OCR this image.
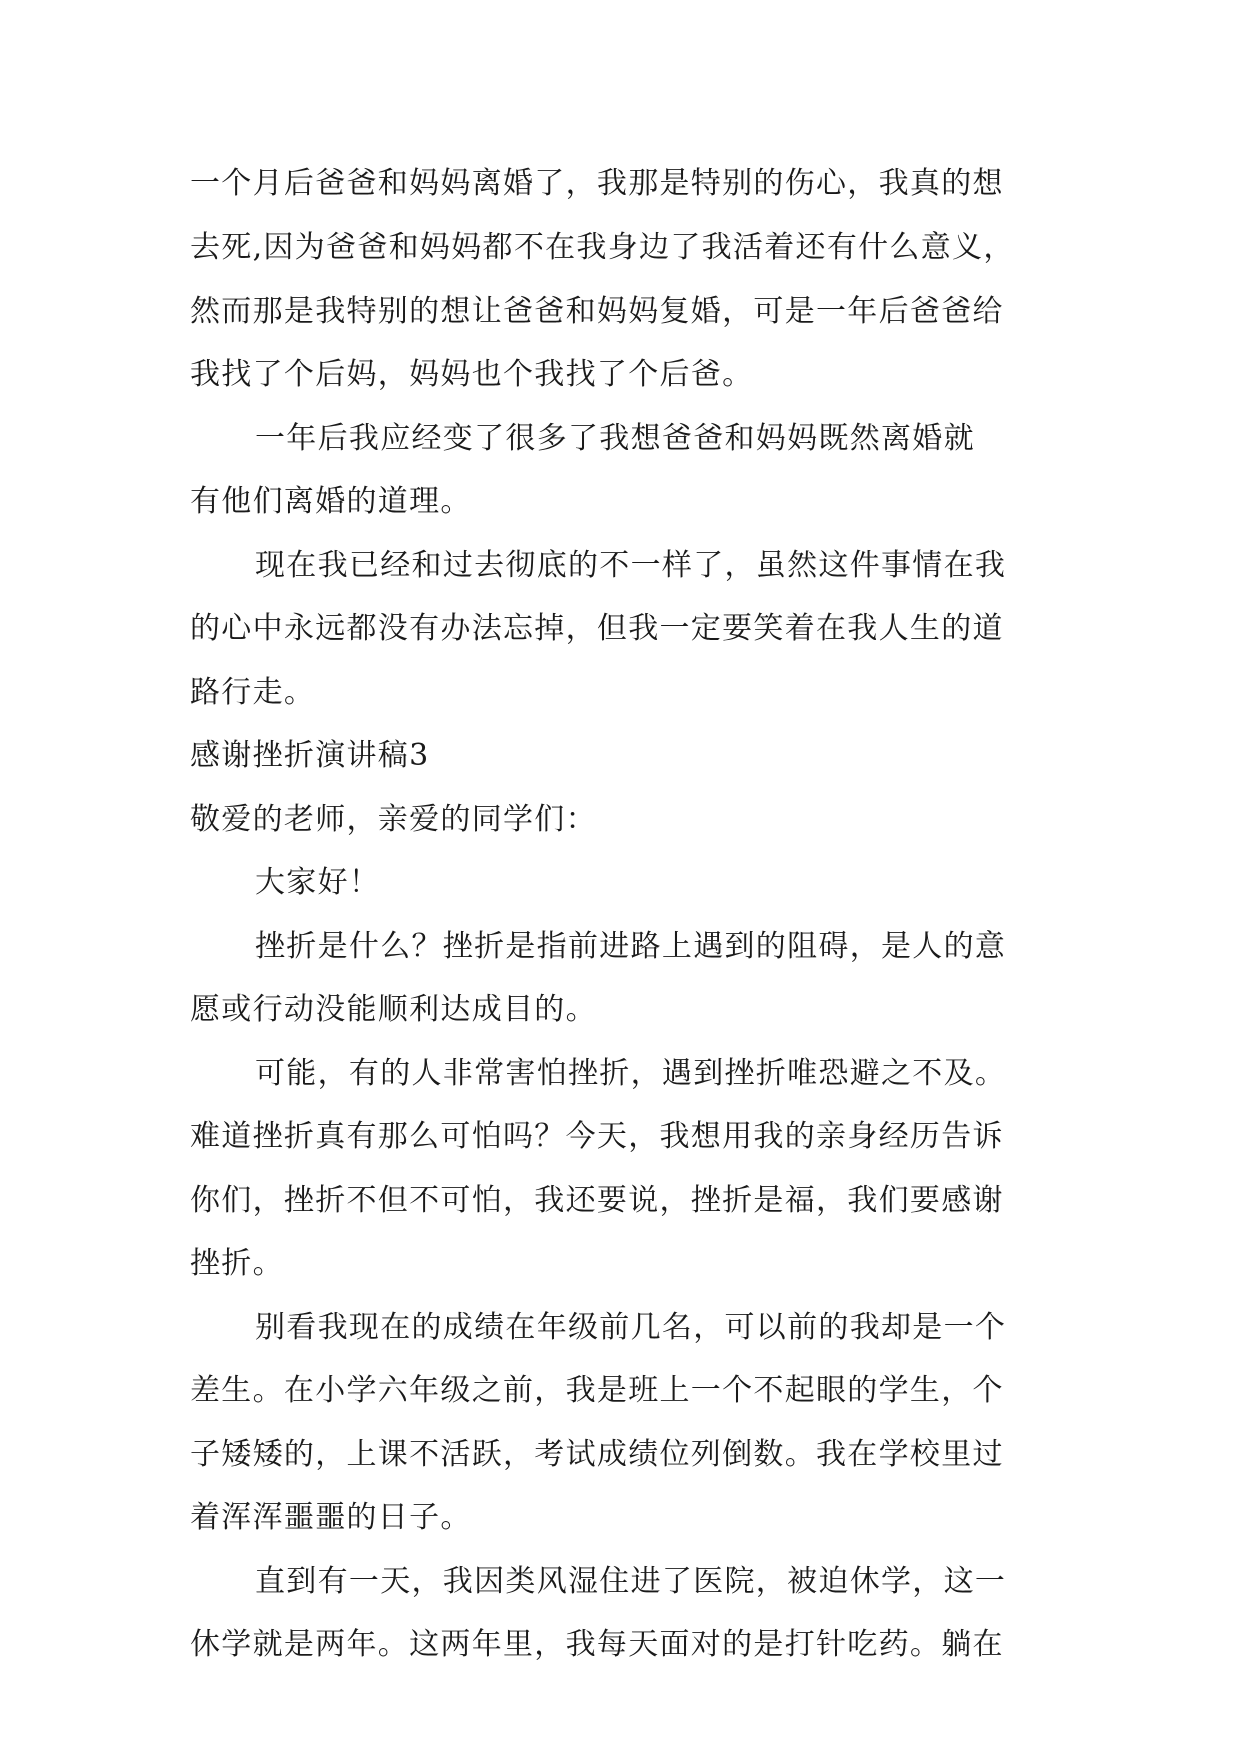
一个月后爸爸和妈妈离婚了，我那是特别的伤心，我真的想
去死,因为爸爸和妈妈都不在我身边了我活着还有什么意义，
然而那是我特别的想让爸爸和妈妈复婚，可是一年后爸爸给
我找了个后妈，妈妈也个我找了个后爸。
一年后我应经变了很多了我想爸爸和妈妈既然离婚就
有他们离婚的道理。
现在我已经和过去彻底的不一样了，虽然这件事情在我
的心中永远都没有办法忘掉，但我一定要笑着在我人生的道
路行走。
感谢挫折演讲稿3
敬爱的老师，亲爱的同学们：
大家好！
挫折是什么？挫折是指前进路上遇到的阻碍，是人的意
愿或行动没能顺利达成目的。
可能，有的人非常害怕挫折，遇到挫折唯恐避之不及。
难道挫折真有那么可怕吗？今天，我想用我的亲身经历告诉
你们，挫折不但不可怕，我还要说，挫折是福，我们要感谢
挫折。
别看我现在的成绩在年级前几名，可以前的我却是一个
差生。在小学六年级之前，我是班上一个不起眼的学生，个
子矮矮的，上课不活跃，考试成绩位列倒数。我在学校里过
着浑浑噩噩的日子。
直到有一天，我因类风湿住进了医院，被迫休学，这一
休学就是两年。这两年里，我每天面对的是打针吃药。躺在
